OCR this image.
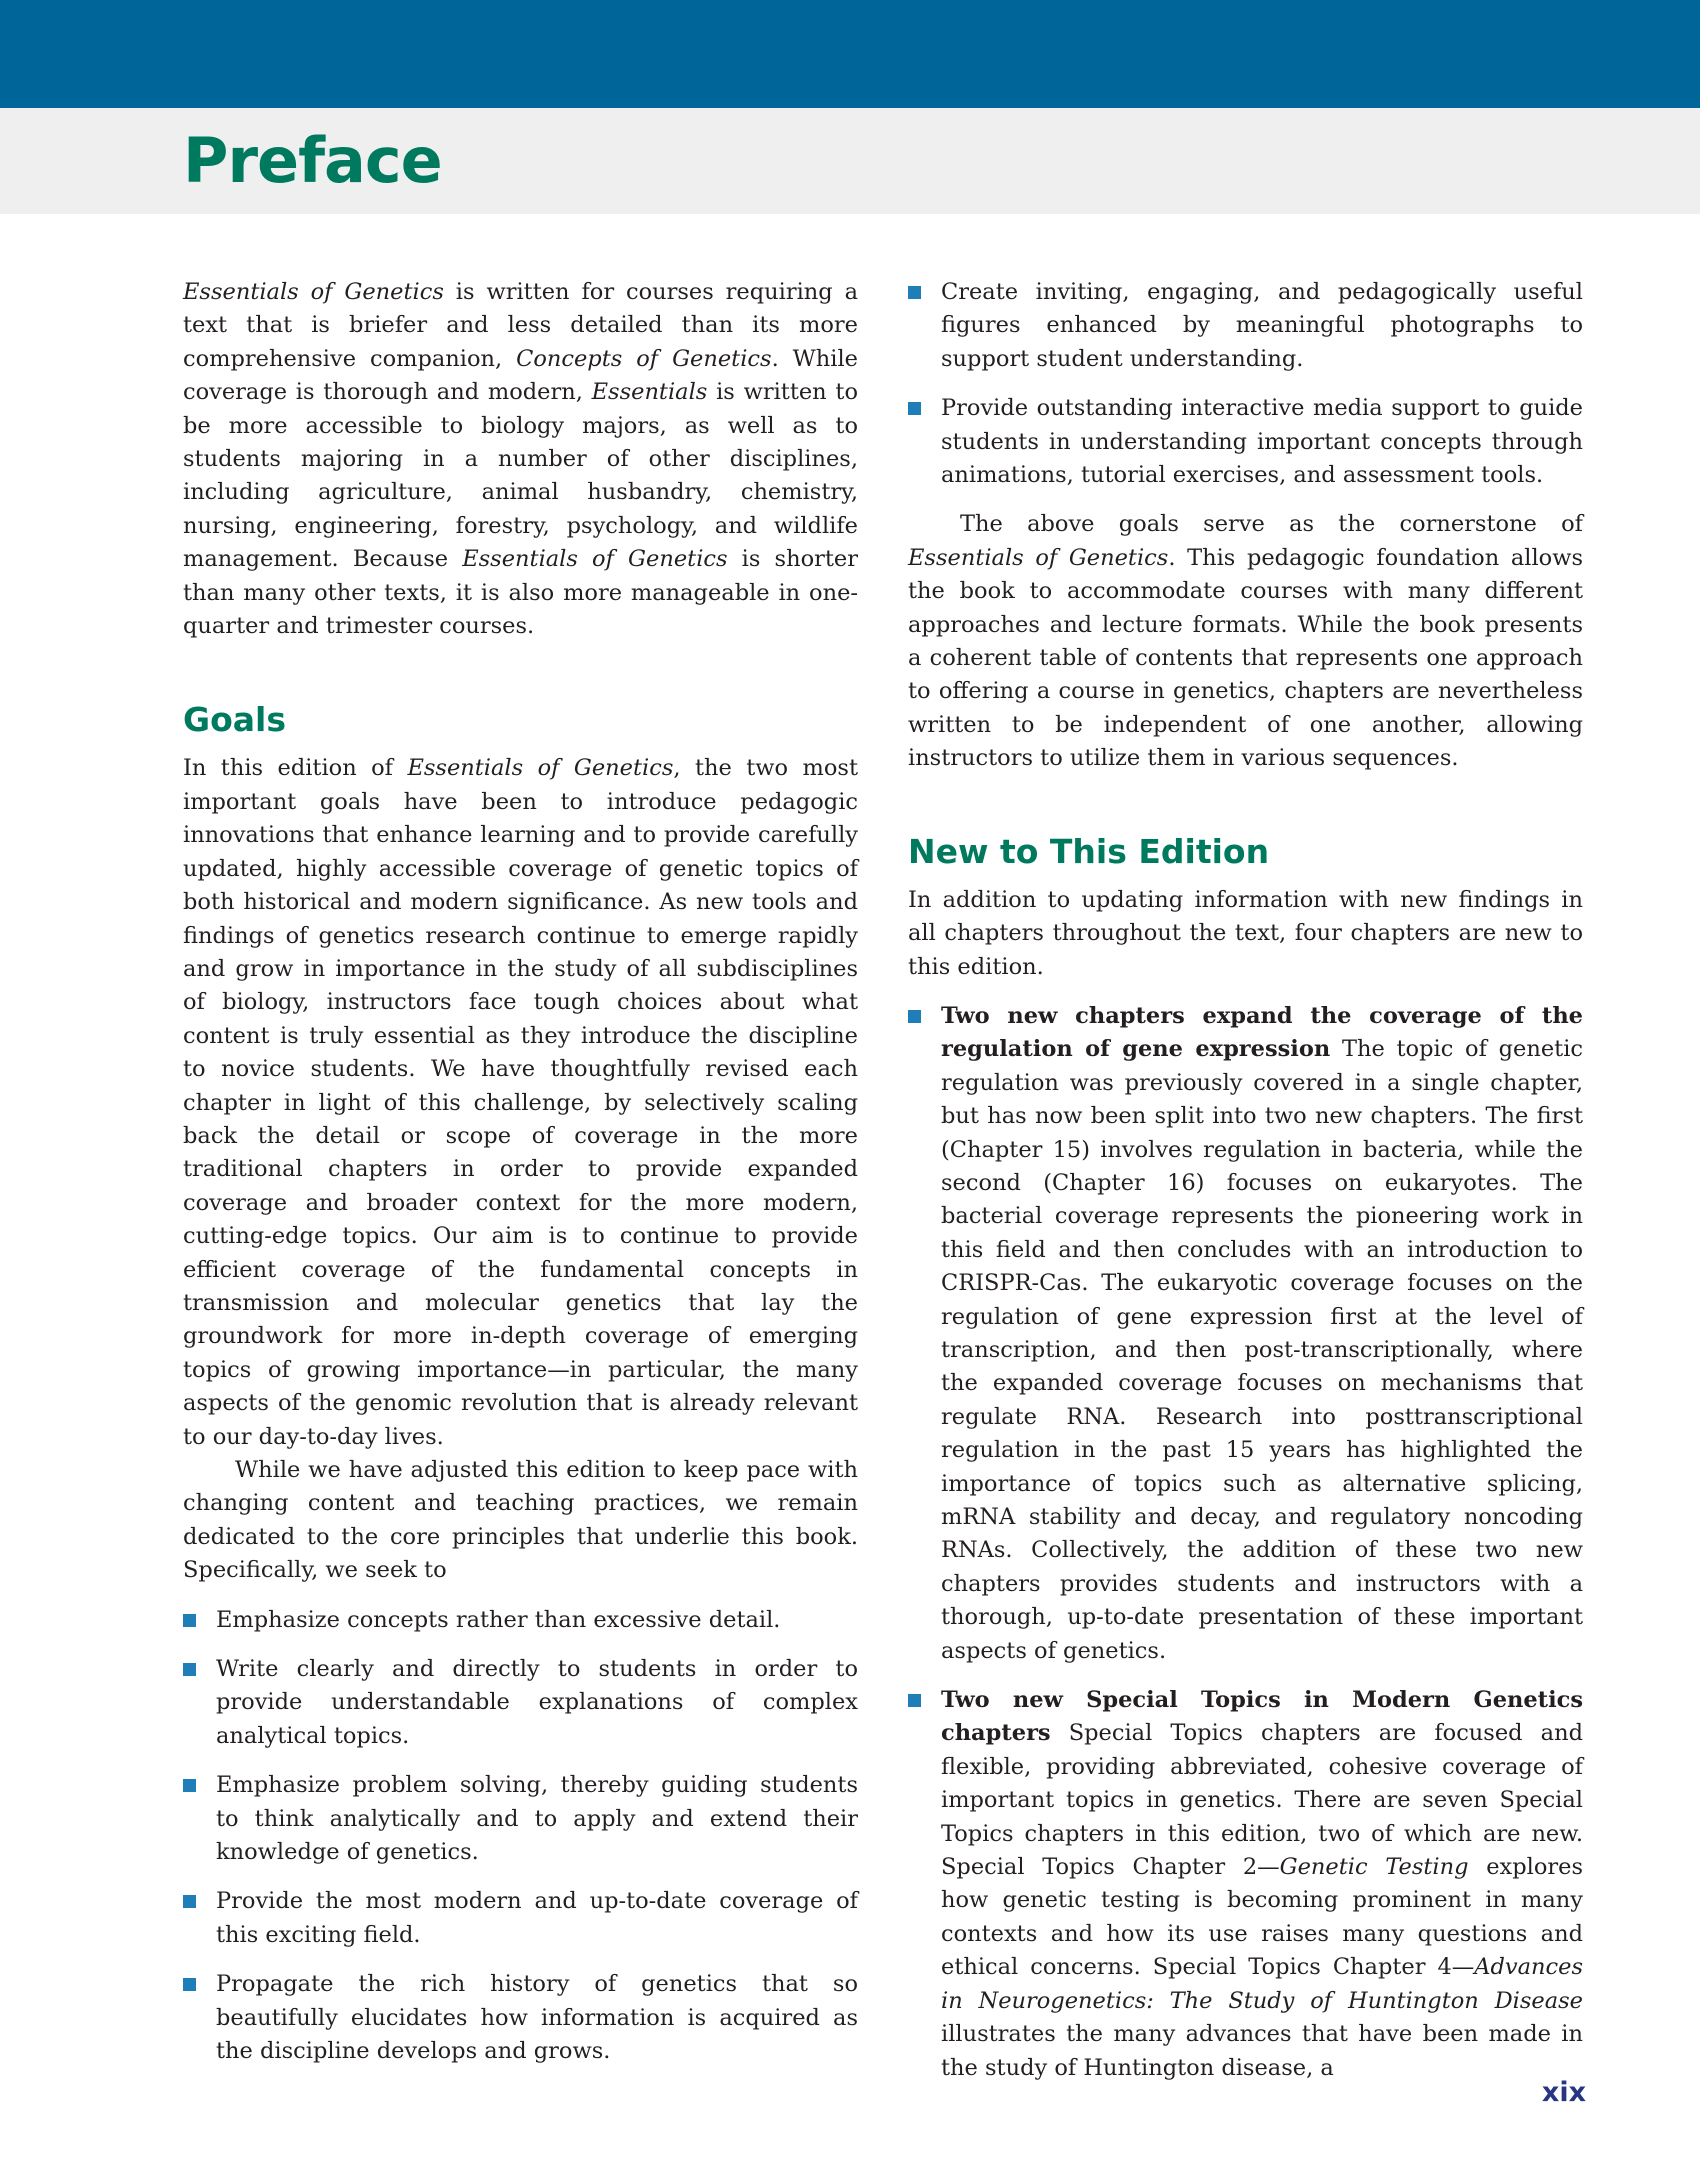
Preface

Essentials of Genetics is written for courses requiring a text that is briefer and less detailed than its more comprehensive companion, Concepts of Genetics. While coverage is thorough and modern, Essentials is written to be more accessible to biology majors, as well as to students majoring in a number of other disciplines, including agriculture, animal husbandry, chemistry, nursing, engineering, forestry, psychology, and wildlife management. Because Essentials of Genetics is shorter than many other texts, it is also more manageable in one-quarter and trimester courses.

Goals

In this edition of Essentials of Genetics, the two most important goals have been to introduce pedagogic innovations that enhance learning and to provide carefully updated, highly accessible coverage of genetic topics of both historical and modern significance. As new tools and findings of genetics research continue to emerge rapidly and grow in importance in the study of all subdisciplines of biology, instructors face tough choices about what content is truly essential as they introduce the discipline to novice students. We have thoughtfully revised each chapter in light of this challenge, by selectively scaling back the detail or scope of coverage in the more traditional chapters in order to provide expanded coverage and broader context for the more modern, cutting-edge topics. Our aim is to continue to provide efficient coverage of the fundamental concepts in transmission and molecular genetics that lay the groundwork for more in-depth coverage of emerging topics of growing importance—in particular, the many aspects of the genomic revolution that is already relevant to our day-to-day lives.

While we have adjusted this edition to keep pace with changing content and teaching practices, we remain dedicated to the core principles that underlie this book. Specifically, we seek to

Emphasize concepts rather than excessive detail.

Write clearly and directly to students in order to provide understandable explanations of complex analytical topics.

Emphasize problem solving, thereby guiding students to think analytically and to apply and extend their knowledge of genetics.

Provide the most modern and up-to-date coverage of this exciting field.

Propagate the rich history of genetics that so beautifully elucidates how information is acquired as the discipline develops and grows.

Create inviting, engaging, and pedagogically useful figures enhanced by meaningful photographs to support student understanding.

Provide outstanding interactive media support to guide students in understanding important concepts through animations, tutorial exercises, and assessment tools.

The above goals serve as the cornerstone of Essentials of Genetics. This pedagogic foundation allows the book to accommodate courses with many different approaches and lecture formats. While the book presents a coherent table of contents that represents one approach to offering a course in genetics, chapters are nevertheless written to be independent of one another, allowing instructors to utilize them in various sequences.

New to This Edition

In addition to updating information with new findings in all chapters throughout the text, four chapters are new to this edition.

Two new chapters expand the coverage of the regulation of gene expression The topic of genetic regulation was previously covered in a single chapter, but has now been split into two new chapters. The first (Chapter 15) involves regulation in bacteria, while the second (Chapter 16) focuses on eukaryotes. The bacterial coverage represents the pioneering work in this field and then concludes with an introduction to CRISPR-Cas. The eukaryotic coverage focuses on the regulation of gene expression first at the level of transcription, and then post-transcriptionally, where the expanded coverage focuses on mechanisms that regulate RNA. Research into posttranscriptional regulation in the past 15 years has highlighted the importance of topics such as alternative splicing, mRNA stability and decay, and regulatory noncoding RNAs. Collectively, the addition of these two new chapters provides students and instructors with a thorough, up-to-date presentation of these important aspects of genetics.

Two new Special Topics in Modern Genetics chapters Special Topics chapters are focused and flexible, providing abbreviated, cohesive coverage of important topics in genetics. There are seven Special Topics chapters in this edition, two of which are new. Special Topics Chapter 2—Genetic Testing explores how genetic testing is becoming prominent in many contexts and how its use raises many questions and ethical concerns. Special Topics Chapter 4—Advances in Neurogenetics: The Study of Huntington Disease illustrates the many advances that have been made in the study of Huntington disease, a

xix
